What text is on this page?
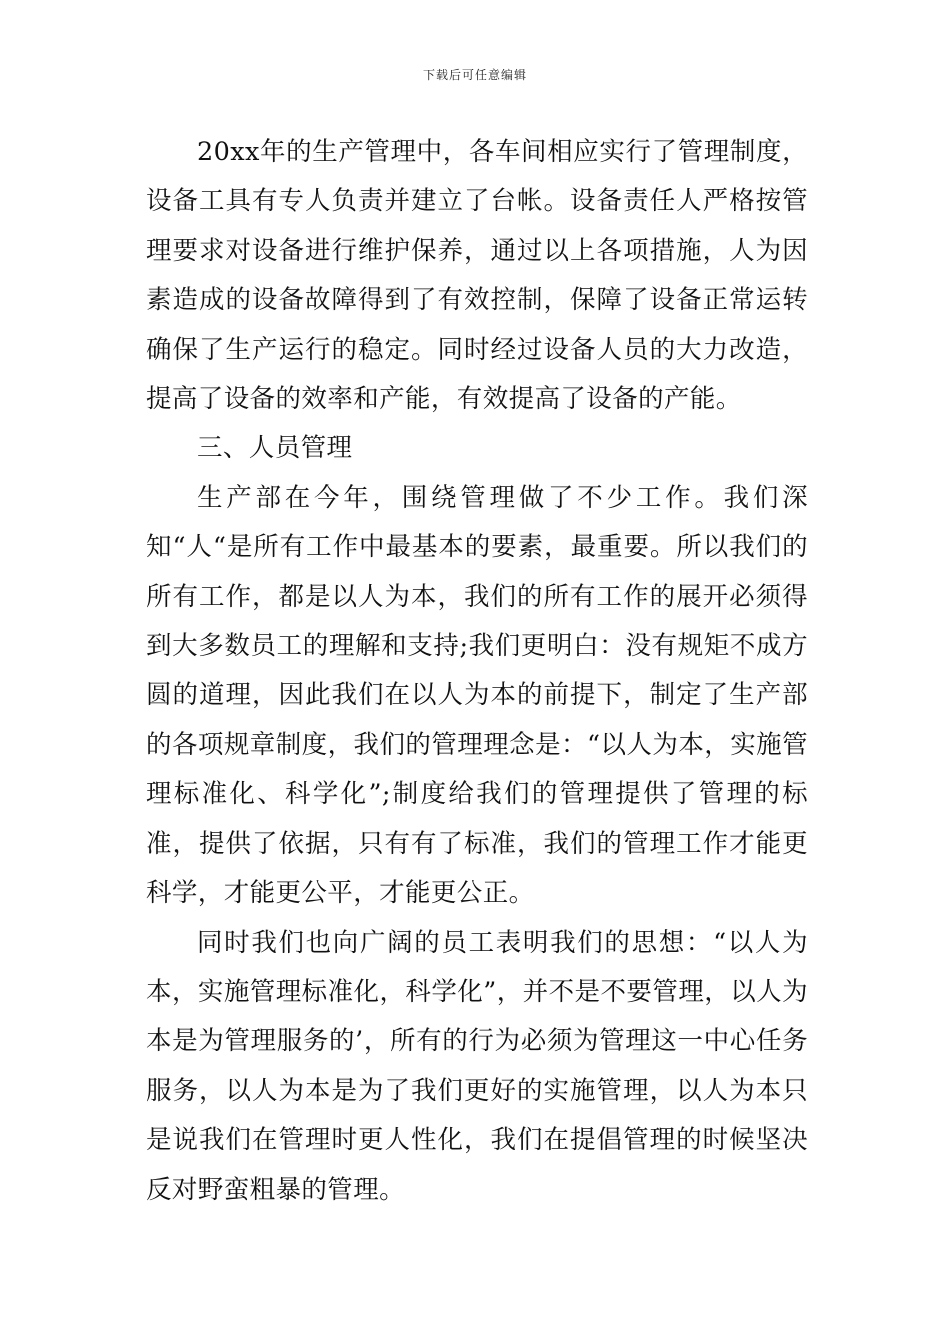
下载后可任意编辑

20xx年的生产管理中，各车间相应实行了管理制度，设备工具有专人负责并建立了台帐。设备责任人严格按管理要求对设备进行维护保养，通过以上各项措施，人为因素造成的设备故障得到了有效控制，保障了设备正常运转确保了生产运行的稳定。同时经过设备人员的大力改造，提高了设备的效率和产能，有效提高了设备的产能。

三、人员管理

生产部在今年，围绕管理做了不少工作。我们深知“人“是所有工作中最基本的要素，最重要。所以我们的所有工作，都是以人为本，我们的所有工作的展开必须得到大多数员工的理解和支持;我们更明白：没有规矩不成方圆的道理，因此我们在以人为本的前提下，制定了生产部的各项规章制度，我们的管理理念是：“以人为本，实施管理标准化、科学化”;制度给我们的管理提供了管理的标准，提供了依据，只有有了标准，我们的管理工作才能更科学，才能更公平，才能更公正。

同时我们也向广阔的员工表明我们的思想：“以人为本，实施管理标准化，科学化”，并不是不要管理，以人为本是为管理服务的’，所有的行为必须为管理这一中心任务服务，以人为本是为了我们更好的实施管理，以人为本只是说我们在管理时更人性化，我们在提倡管理的时候坚决反对野蛮粗暴的管理。
